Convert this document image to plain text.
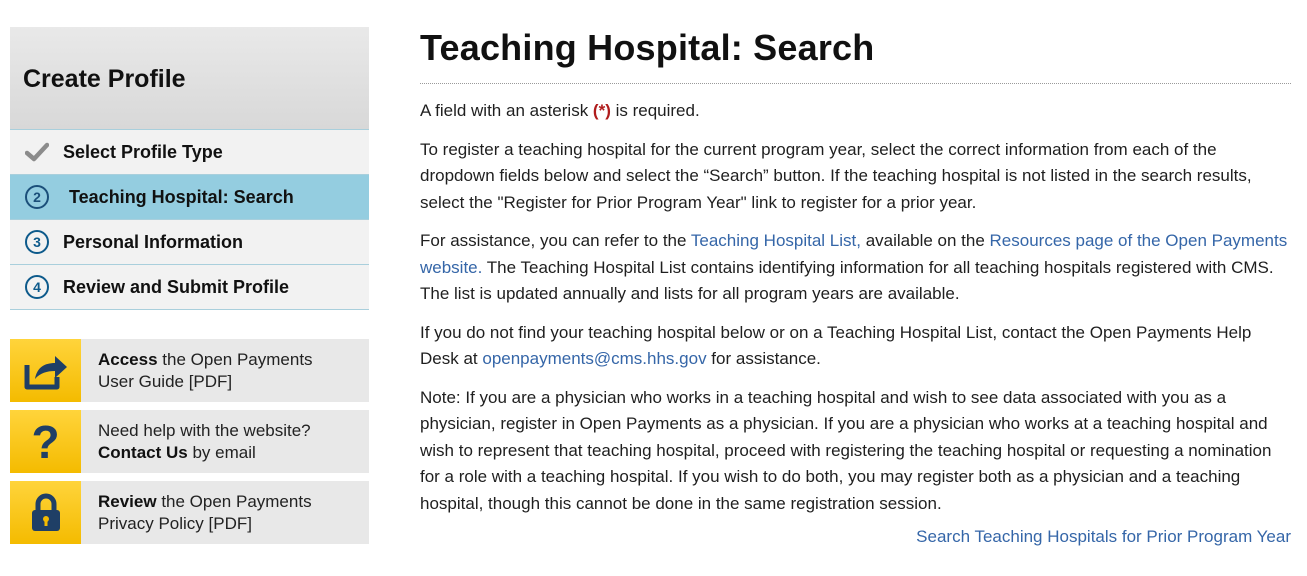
Create Profile
Select Profile Type
2	Teaching Hospital: Search
3	Personal Information
4	Review and Submit Profile
Access the Open Payments
User Guide [PDF]
?	Need help with the website?
Contact Us by email
Review the Open Payments
Privacy Policy [PDF]
Teaching Hospital: Search

A field with an asterisk (*) is required.

To register a teaching hospital for the current program year, select the correct information from each of the dropdown fields below and select the “Search” button. If the teaching hospital is not listed in the search results, select the "Register for Prior Program Year" link to register for a prior year.

For assistance, you can refer to the Teaching Hospital List, available on the Resources page of the Open Payments website. The Teaching Hospital List contains identifying information for all teaching hospitals registered with CMS. The list is updated annually and lists for all program years are available.

If you do not find your teaching hospital below or on a Teaching Hospital List, contact the Open Payments Help Desk at openpayments@cms.hhs.gov for assistance.

Note: If you are a physician who works in a teaching hospital and wish to see data associated with you as a physician, register in Open Payments as a physician. If you are a physician who works at a teaching hospital and wish to represent that teaching hospital, proceed with registering the teaching hospital or requesting a nomination for a role with a teaching hospital. If you wish to do both, you may register both as a physician and a teaching hospital, though this cannot be done in the same registration session.

Search Teaching Hospitals for Prior Program Year
